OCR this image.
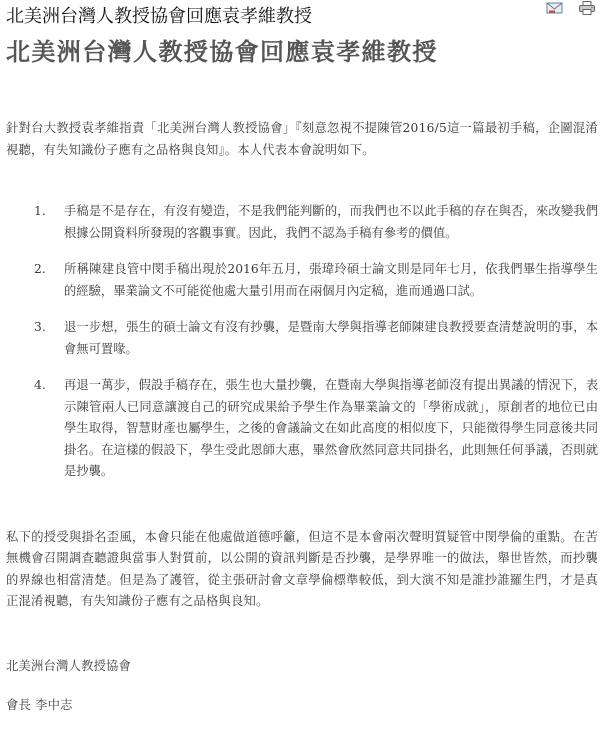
北美洲台灣人教授協會回應袁孝維教授
北美洲台灣人教授協會回應袁孝維教授

針對台大教授袁孝維指責「北美洲台灣人教授協會」『刻意忽視不提陳管2016/5這一篇最初手稿，企圖混淆視聽，有失知識份子應有之品格與良知』。本人代表本會說明如下。

1. 手稿是不是存在，有沒有變造，不是我們能判斷的，而我們也不以此手稿的存在與否，來改變我們根據公開資料所發現的客觀事實。因此，我們不認為手稿有參考的價值。
2. 所稱陳建良管中閔手稿出現於2016年五月，張瑋玲碩士論文則是同年七月，依我們畢生指導學生的經驗，畢業論文不可能從他處大量引用而在兩個月內定稿，進而通過口試。
3. 退一步想，張生的碩士論文有沒有抄襲，是暨南大學與指導老師陳建良教授要查清楚說明的事，本會無可置喙。
4. 再退一萬步，假設手稿存在，張生也大量抄襲，在暨南大學與指導老師沒有提出異議的情況下，表示陳管兩人已同意讓渡自己的研究成果給予學生作為畢業論文的「學術成就」，原創者的地位已由學生取得，智慧財產也屬學生，之後的會議論文在如此高度的相似度下，只能徵得學生同意後共同掛名。在這樣的假設下，學生受此恩師大惠，畢然會欣然同意共同掛名，此則無任何爭議，否則就是抄襲。

私下的授受與掛名歪風，本會只能在他處做道德呼籲，但這不是本會兩次聲明質疑管中閔學倫的重點。在苦無機會召開調查聽證與當事人對質前，以公開的資訊判斷是否抄襲，是學界唯一的做法，舉世皆然，而抄襲的界線也相當清楚。但是為了護管，從主張研討會文章學倫標準較低，到大演不知是誰抄誰羅生門，才是真正混淆視聽，有失知識份子應有之品格與良知。

北美洲台灣人教授協會

會長 李中志
